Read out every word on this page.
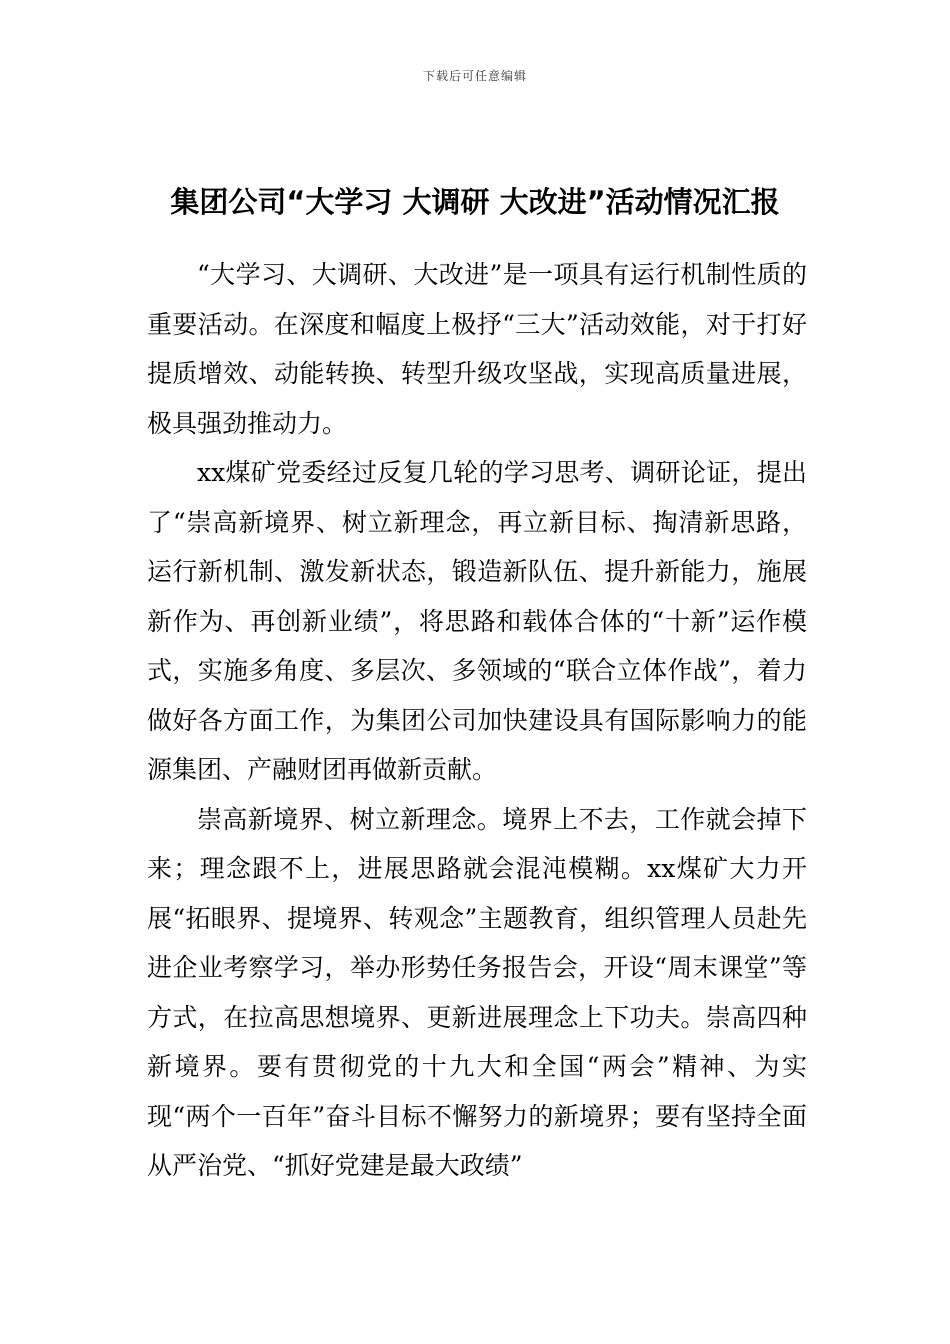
下载后可任意编辑
集团公司“大学习 大调研 大改进”活动情况汇报

“大学习、大调研、大改进”是一项具有运行机制性质的重要活动。在深度和幅度上极抒“三大”活动效能，对于打好提质增效、动能转换、转型升级攻坚战，实现高质量进展，极具强劲推动力。

xx煤矿党委经过反复几轮的学习思考、调研论证，提出了“崇高新境界、树立新理念，再立新目标、掏清新思路，运行新机制、激发新状态，锻造新队伍、提升新能力，施展新作为、再创新业绩”，将思路和载体合体的“十新”运作模式，实施多角度、多层次、多领域的“联合立体作战”，着力做好各方面工作，为集团公司加快建设具有国际影响力的能源集团、产融财团再做新贡献。

崇高新境界、树立新理念。境界上不去，工作就会掉下来；理念跟不上，进展思路就会混沌模糊。xx煤矿大力开展“拓眼界、提境界、转观念”主题教育，组织管理人员赴先进企业考察学习，举办形势任务报告会，开设“周末课堂”等方式，在拉高思想境界、更新进展理念上下功夫。崇高四种新境界。要有贯彻党的十九大和全国“两会”精神、为实现“两个一百年”奋斗目标不懈努力的新境界；要有坚持全面从严治党、“抓好党建是最大政绩”
